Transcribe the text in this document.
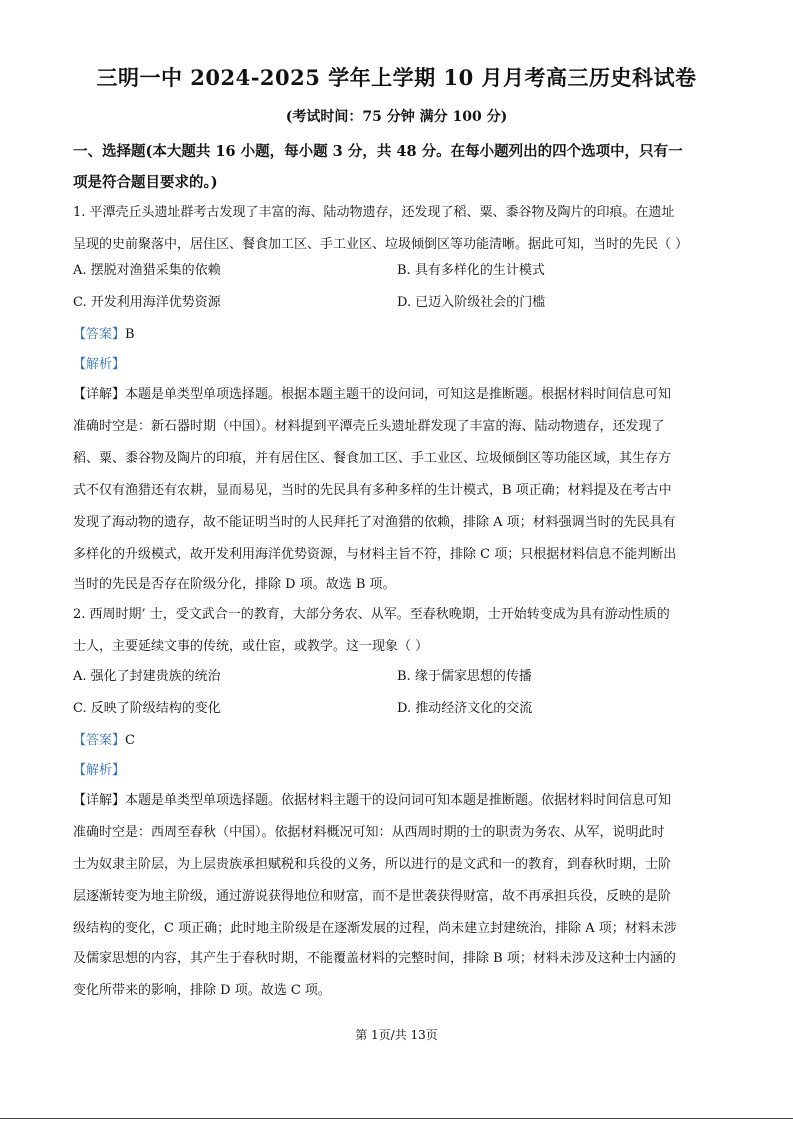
三明一中 2024-2025 学年上学期 10 月月考高三历史科试卷
(考试时间：75 分钟 满分 100 分)
一、选择题(本大题共 16 小题，每小题 3 分，共 48 分。在每小题列出的四个选项中，只有一
项是符合题目要求的。)
1. 平潭壳丘头遗址群考古发现了丰富的海、陆动物遗存，还发现了稻、粟、黍谷物及陶片的印痕。在遗址
呈现的史前聚落中，居住区、餐食加工区、手工业区、垃圾倾倒区等功能清晰。据此可知，当时的先民（ ）
A. 摆脱对渔猎采集的依赖	B. 具有多样化的生计模式
C. 开发利用海洋优势资源	D. 已迈入阶级社会的门槛
【答案】B
【解析】
【详解】本题是单类型单项选择题。根据本题主题干的设问词，可知这是推断题。根据材料时间信息可知
准确时空是：新石器时期（中国）。材料提到平潭壳丘头遗址群发现了丰富的海、陆动物遗存，还发现了
稻、粟、黍谷物及陶片的印痕，并有居住区、餐食加工区、手工业区、垃圾倾倒区等功能区域，其生存方
式不仅有渔猎还有农耕，显而易见，当时的先民具有多种多样的生计模式，B 项正确；材料提及在考古中
发现了海动物的遗存，故不能证明当时的人民拜托了对渔猎的依赖，排除 A 项；材料强调当时的先民具有
多样化的升级模式，故开发利用海洋优势资源，与材料主旨不符，排除 C 项；只根据材料信息不能判断出
当时的先民是否存在阶级分化，排除 D 项。故选 B 项。
2. 西周时期’ 士，受文武合一的教育，大部分务农、从军。至春秋晚期，士开始转变成为具有游动性质的
士人，主要延续文事的传统，或仕宦，或教学。这一现象（ ）
A. 强化了封建贵族的统治	B. 缘于儒家思想的传播
C. 反映了阶级结构的变化	D. 推动经济文化的交流
【答案】C
【解析】
【详解】本题是单类型单项选择题。依据材料主题干的设问词可知本题是推断题。依据材料时间信息可知
准确时空是：西周至春秋（中国）。依据材料概况可知：从西周时期的士的职责为务农、从军，说明此时
士为奴隶主阶层，为上层贵族承担赋税和兵役的义务，所以进行的是文武和一的教育，到春秋时期，士阶
层逐渐转变为地主阶级，通过游说获得地位和财富，而不是世袭获得财富，故不再承担兵役，反映的是阶
级结构的变化，C 项正确；此时地主阶级是在逐渐发展的过程，尚未建立封建统治，排除 A 项；材料未涉
及儒家思想的内容，其产生于春秋时期，不能覆盖材料的完整时间，排除 B 项；材料未涉及这种士内涵的
变化所带来的影响，排除 D 项。故选 C 项。
第 1页/共 13页
